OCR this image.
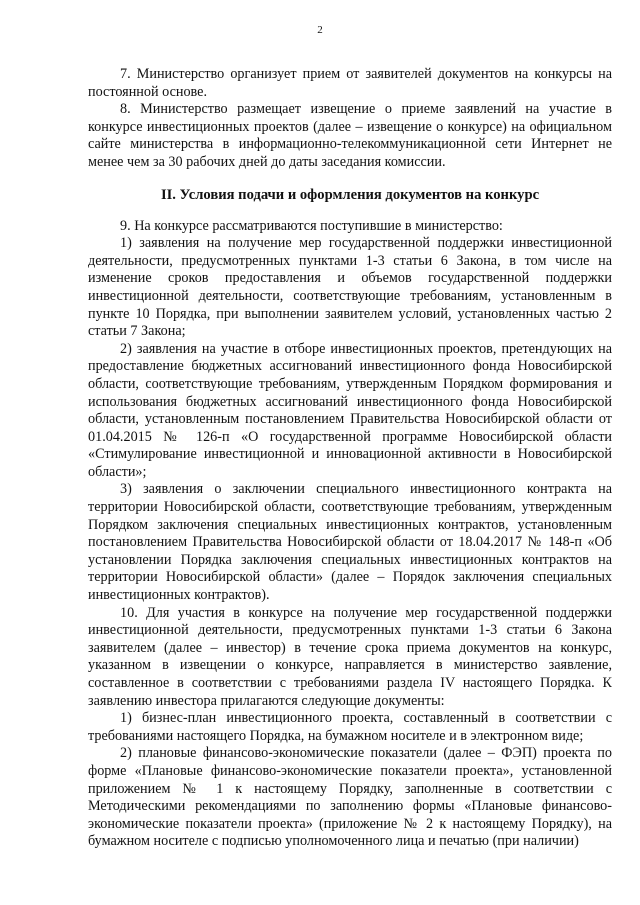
2

7. Министерство организует прием от заявителей документов на конкурсы на постоянной основе.

8. Министерство размещает извещение о приеме заявлений на участие в конкурсе инвестиционных проектов (далее – извещение о конкурсе) на официальном сайте министерства в информационно-телекоммуникационной сети Интернет не менее чем за 30 рабочих дней до даты заседания комиссии.

II. Условия подачи и оформления документов на конкурс

9. На конкурсе рассматриваются поступившие в министерство:

1) заявления на получение мер государственной поддержки инвестиционной деятельности, предусмотренных пунктами 1-3 статьи 6 Закона, в том числе на изменение сроков предоставления и объемов государственной поддержки инвестиционной деятельности, соответствующие требованиям, установленным в пункте 10 Порядка, при выполнении заявителем условий, установленных частью 2 статьи 7 Закона;

2) заявления на участие в отборе инвестиционных проектов, претендующих на предоставление бюджетных ассигнований инвестиционного фонда Новосибирской области, соответствующие требованиям, утвержденным Порядком формирования и использования бюджетных ассигнований инвестиционного фонда Новосибирской области, установленным постановлением Правительства Новосибирской области от 01.04.2015 № 126-п «О государственной программе Новосибирской области «Стимулирование инвестиционной и инновационной активности в Новосибирской области»;

3) заявления о заключении специального инвестиционного контракта на территории Новосибирской области, соответствующие требованиям, утвержденным Порядком заключения специальных инвестиционных контрактов, установленным постановлением Правительства Новосибирской области от 18.04.2017 № 148-п «Об установлении Порядка заключения специальных инвестиционных контрактов на территории Новосибирской области» (далее – Порядок заключения специальных инвестиционных контрактов).

10. Для участия в конкурсе на получение мер государственной поддержки инвестиционной деятельности, предусмотренных пунктами 1-3 статьи 6 Закона заявителем (далее – инвестор) в течение срока приема документов на конкурс, указанном в извещении о конкурсе, направляется в министерство заявление, составленное в соответствии с требованиями раздела IV настоящего Порядка. К заявлению инвестора прилагаются следующие документы:

1) бизнес-план инвестиционного проекта, составленный в соответствии с требованиями настоящего Порядка, на бумажном носителе и в электронном виде;

2) плановые финансово-экономические показатели (далее – ФЭП) проекта по форме «Плановые финансово-экономические показатели проекта», установленной приложением № 1 к настоящему Порядку, заполненные в соответствии с Методическими рекомендациями по заполнению формы «Плановые финансово-экономические показатели проекта» (приложение № 2 к настоящему Порядку), на бумажном носителе с подписью уполномоченного лица и печатью (при наличии)
